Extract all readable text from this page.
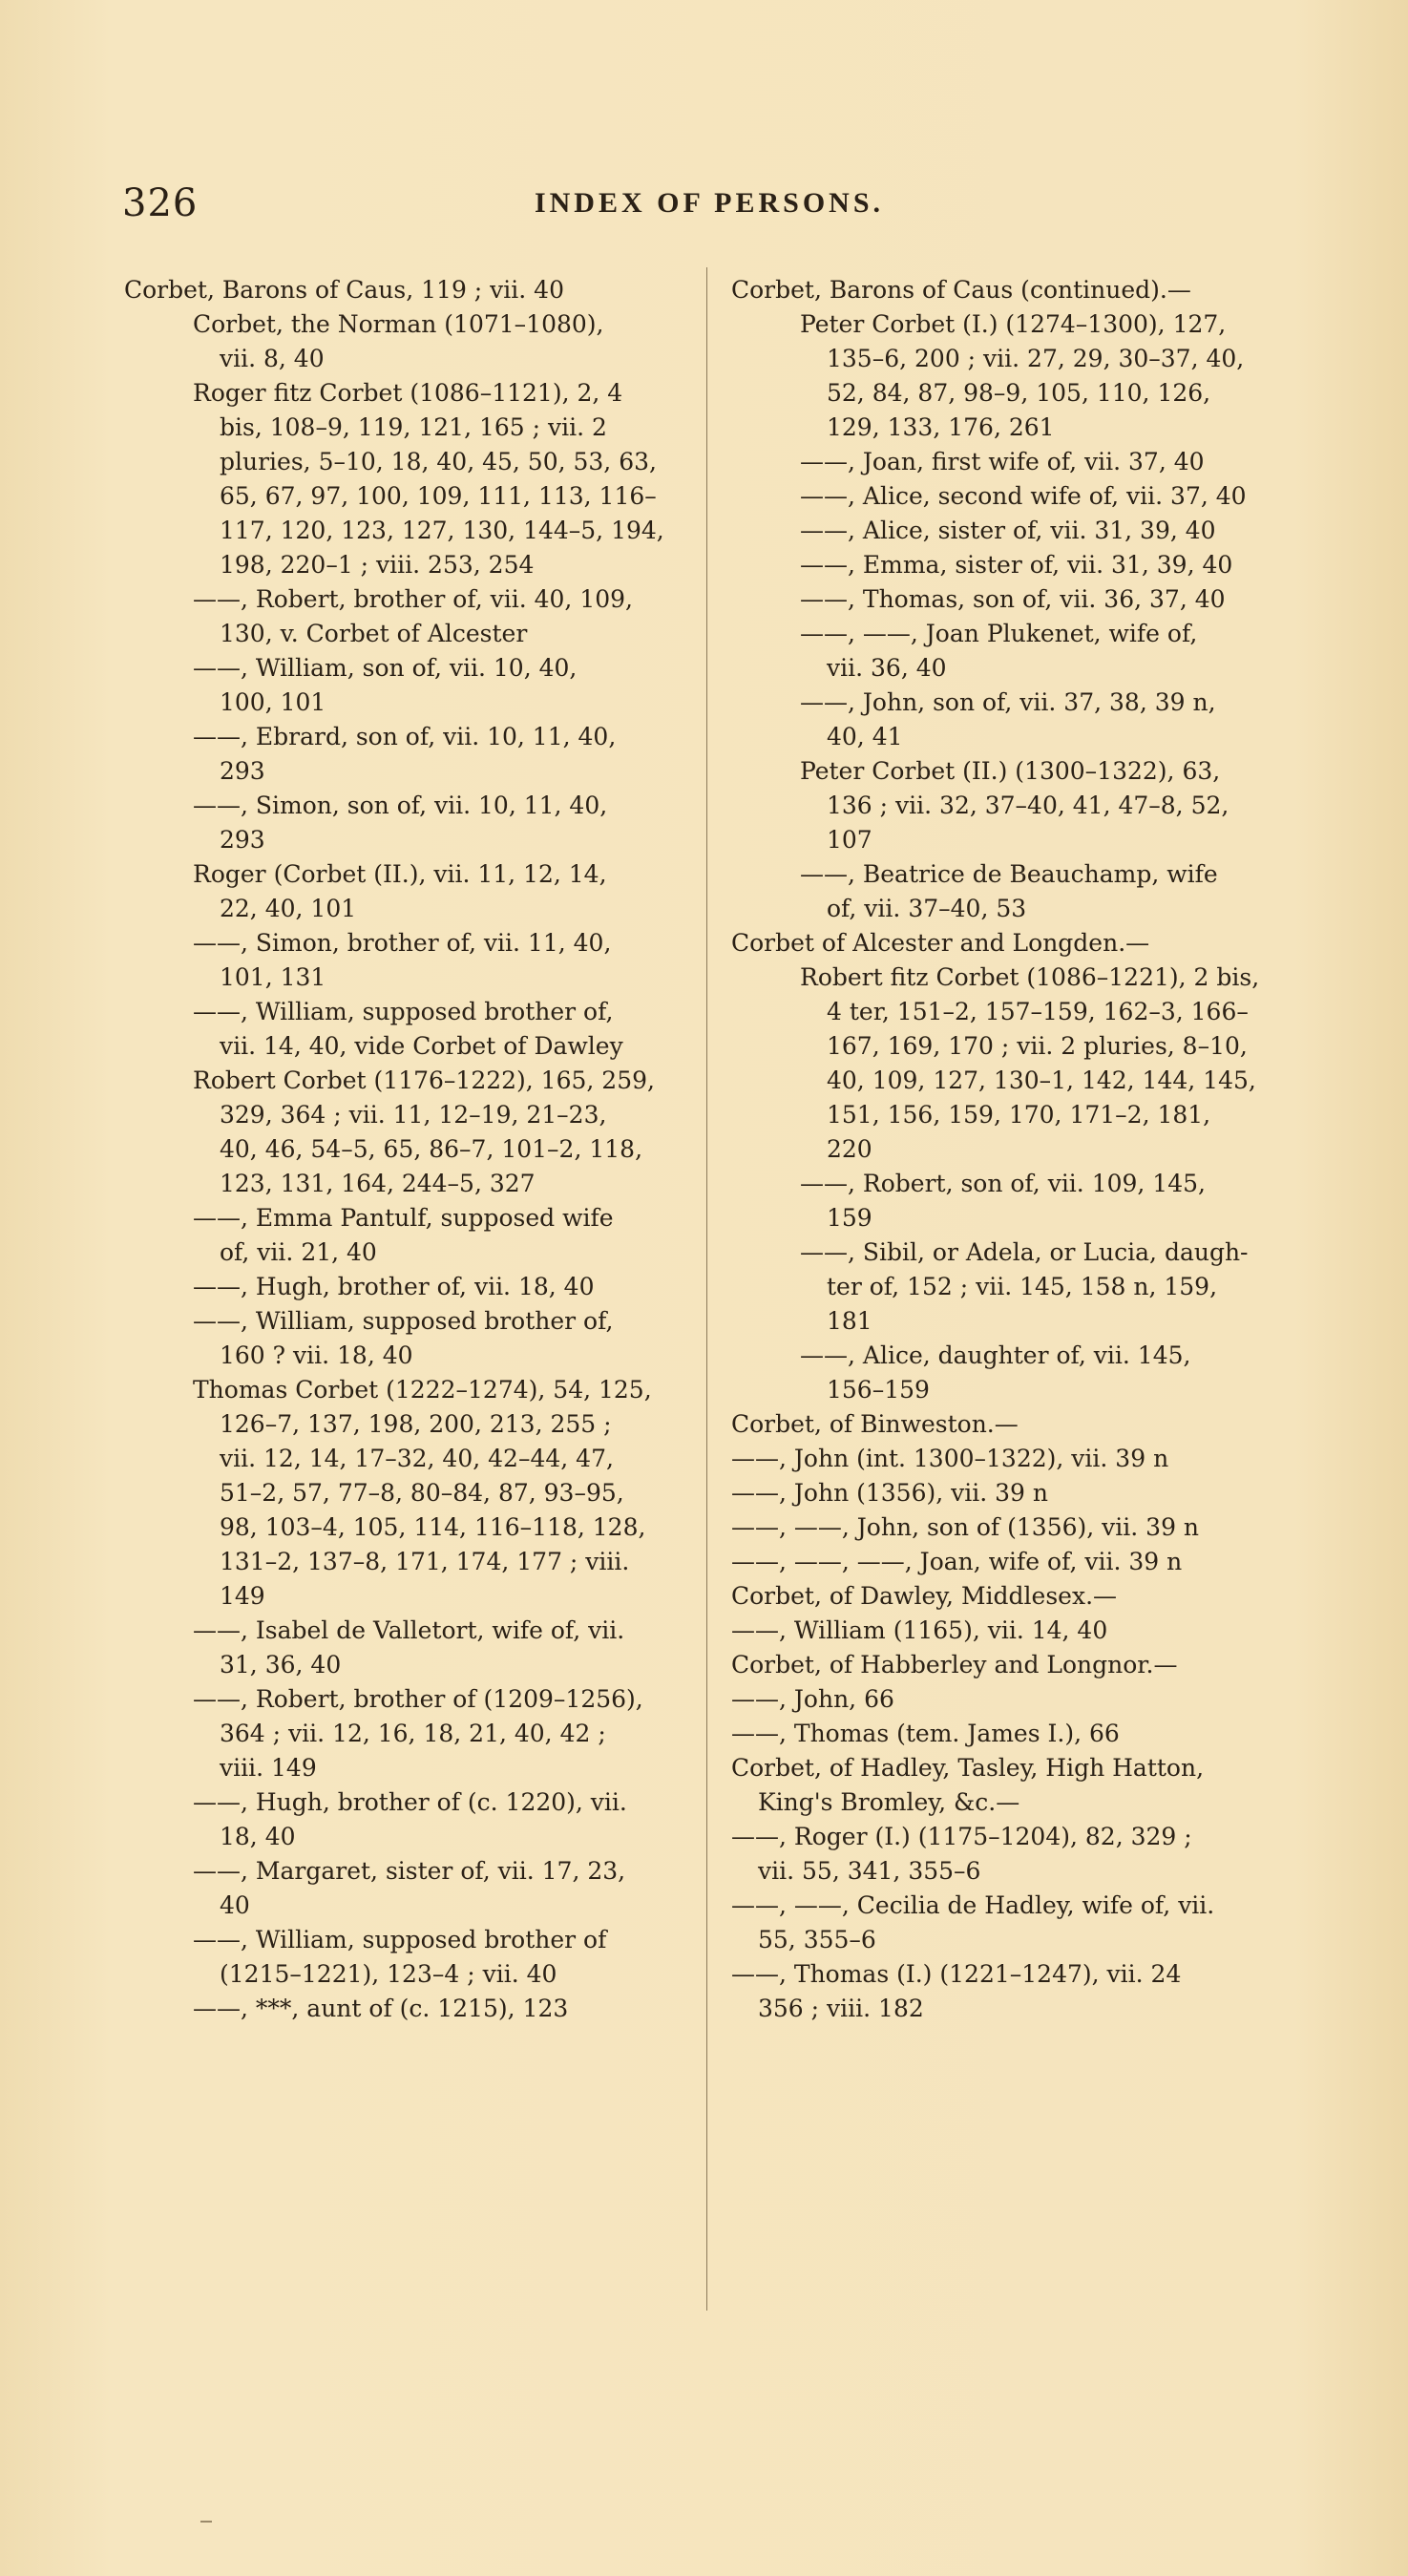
326	INDEX OF PERSONS.
Corbet, Barons of Caus, 119 ; vii. 40
Corbet, the Norman (1071–1080),
vii. 8, 40
Roger fitz Corbet (1086–1121), 2, 4
bis, 108–9, 119, 121, 165 ; vii. 2
pluries, 5–10, 18, 40, 45, 50, 53, 63,
65, 67, 97, 100, 109, 111, 113, 116–
117, 120, 123, 127, 130, 144–5, 194,
198, 220–1 ; viii. 253, 254
——, Robert, brother of, vii. 40, 109,
130, v. Corbet of Alcester
——, William, son of, vii. 10, 40,
100, 101
——, Ebrard, son of, vii. 10, 11, 40,
293
——, Simon, son of, vii. 10, 11, 40,
293
Roger (Corbet (II.), vii. 11, 12, 14,
22, 40, 101
——, Simon, brother of, vii. 11, 40,
101, 131
——, William, supposed brother of,
vii. 14, 40, vide Corbet of Dawley
Robert Corbet (1176–1222), 165, 259,
329, 364 ; vii. 11, 12–19, 21–23,
40, 46, 54–5, 65, 86–7, 101–2, 118,
123, 131, 164, 244–5, 327
——, Emma Pantulf, supposed wife
of, vii. 21, 40
——, Hugh, brother of, vii. 18, 40
——, William, supposed brother of,
160 ? vii. 18, 40
Thomas Corbet (1222–1274), 54, 125,
126–7, 137, 198, 200, 213, 255 ;
vii. 12, 14, 17–32, 40, 42–44, 47,
51–2, 57, 77–8, 80–84, 87, 93–95,
98, 103–4, 105, 114, 116–118, 128,
131–2, 137–8, 171, 174, 177 ; viii.
149
——, Isabel de Valletort, wife of, vii.
31, 36, 40
——, Robert, brother of (1209–1256),
364 ; vii. 12, 16, 18, 21, 40, 42 ;
viii. 149
——, Hugh, brother of (c. 1220), vii.
18, 40
——, Margaret, sister of, vii. 17, 23,
40
——, William, supposed brother of
(1215–1221), 123–4 ; vii. 40
——, ***, aunt of (c. 1215), 123
Corbet, Barons of Caus (continued).—
Peter Corbet (I.) (1274–1300), 127,
135–6, 200 ; vii. 27, 29, 30–37, 40,
52, 84, 87, 98–9, 105, 110, 126,
129, 133, 176, 261
——, Joan, first wife of, vii. 37, 40
——, Alice, second wife of, vii. 37, 40
——, Alice, sister of, vii. 31, 39, 40
——, Emma, sister of, vii. 31, 39, 40
——, Thomas, son of, vii. 36, 37, 40
——, ——, Joan Plukenet, wife of,
vii. 36, 40
——, John, son of, vii. 37, 38, 39 n,
40, 41
Peter Corbet (II.) (1300–1322), 63,
136 ; vii. 32, 37–40, 41, 47–8, 52,
107
——, Beatrice de Beauchamp, wife
of, vii. 37–40, 53
Corbet of Alcester and Longden.—
Robert fitz Corbet (1086–1221), 2 bis,
4 ter, 151–2, 157–159, 162–3, 166–
167, 169, 170 ; vii. 2 pluries, 8–10,
40, 109, 127, 130–1, 142, 144, 145,
151, 156, 159, 170, 171–2, 181,
220
——, Robert, son of, vii. 109, 145,
159
——, Sibil, or Adela, or Lucia, daugh-
ter of, 152 ; vii. 145, 158 n, 159,
181
——, Alice, daughter of, vii. 145,
156–159
Corbet, of Binweston.—
——, John (int. 1300–1322), vii. 39 n
——, John (1356), vii. 39 n
——, ——, John, son of (1356), vii. 39 n
——, ——, ——, Joan, wife of, vii. 39 n
Corbet, of Dawley, Middlesex.—
——, William (1165), vii. 14, 40
Corbet, of Habberley and Longnor.—
——, John, 66
——, Thomas (tem. James I.), 66
Corbet, of Hadley, Tasley, High Hatton,
King's Bromley, &c.—
——, Roger (I.) (1175–1204), 82, 329 ;
vii. 55, 341, 355–6
——, ——, Cecilia de Hadley, wife of, vii.
55, 355–6
——, Thomas (I.) (1221–1247), vii. 24
356 ; viii. 182
